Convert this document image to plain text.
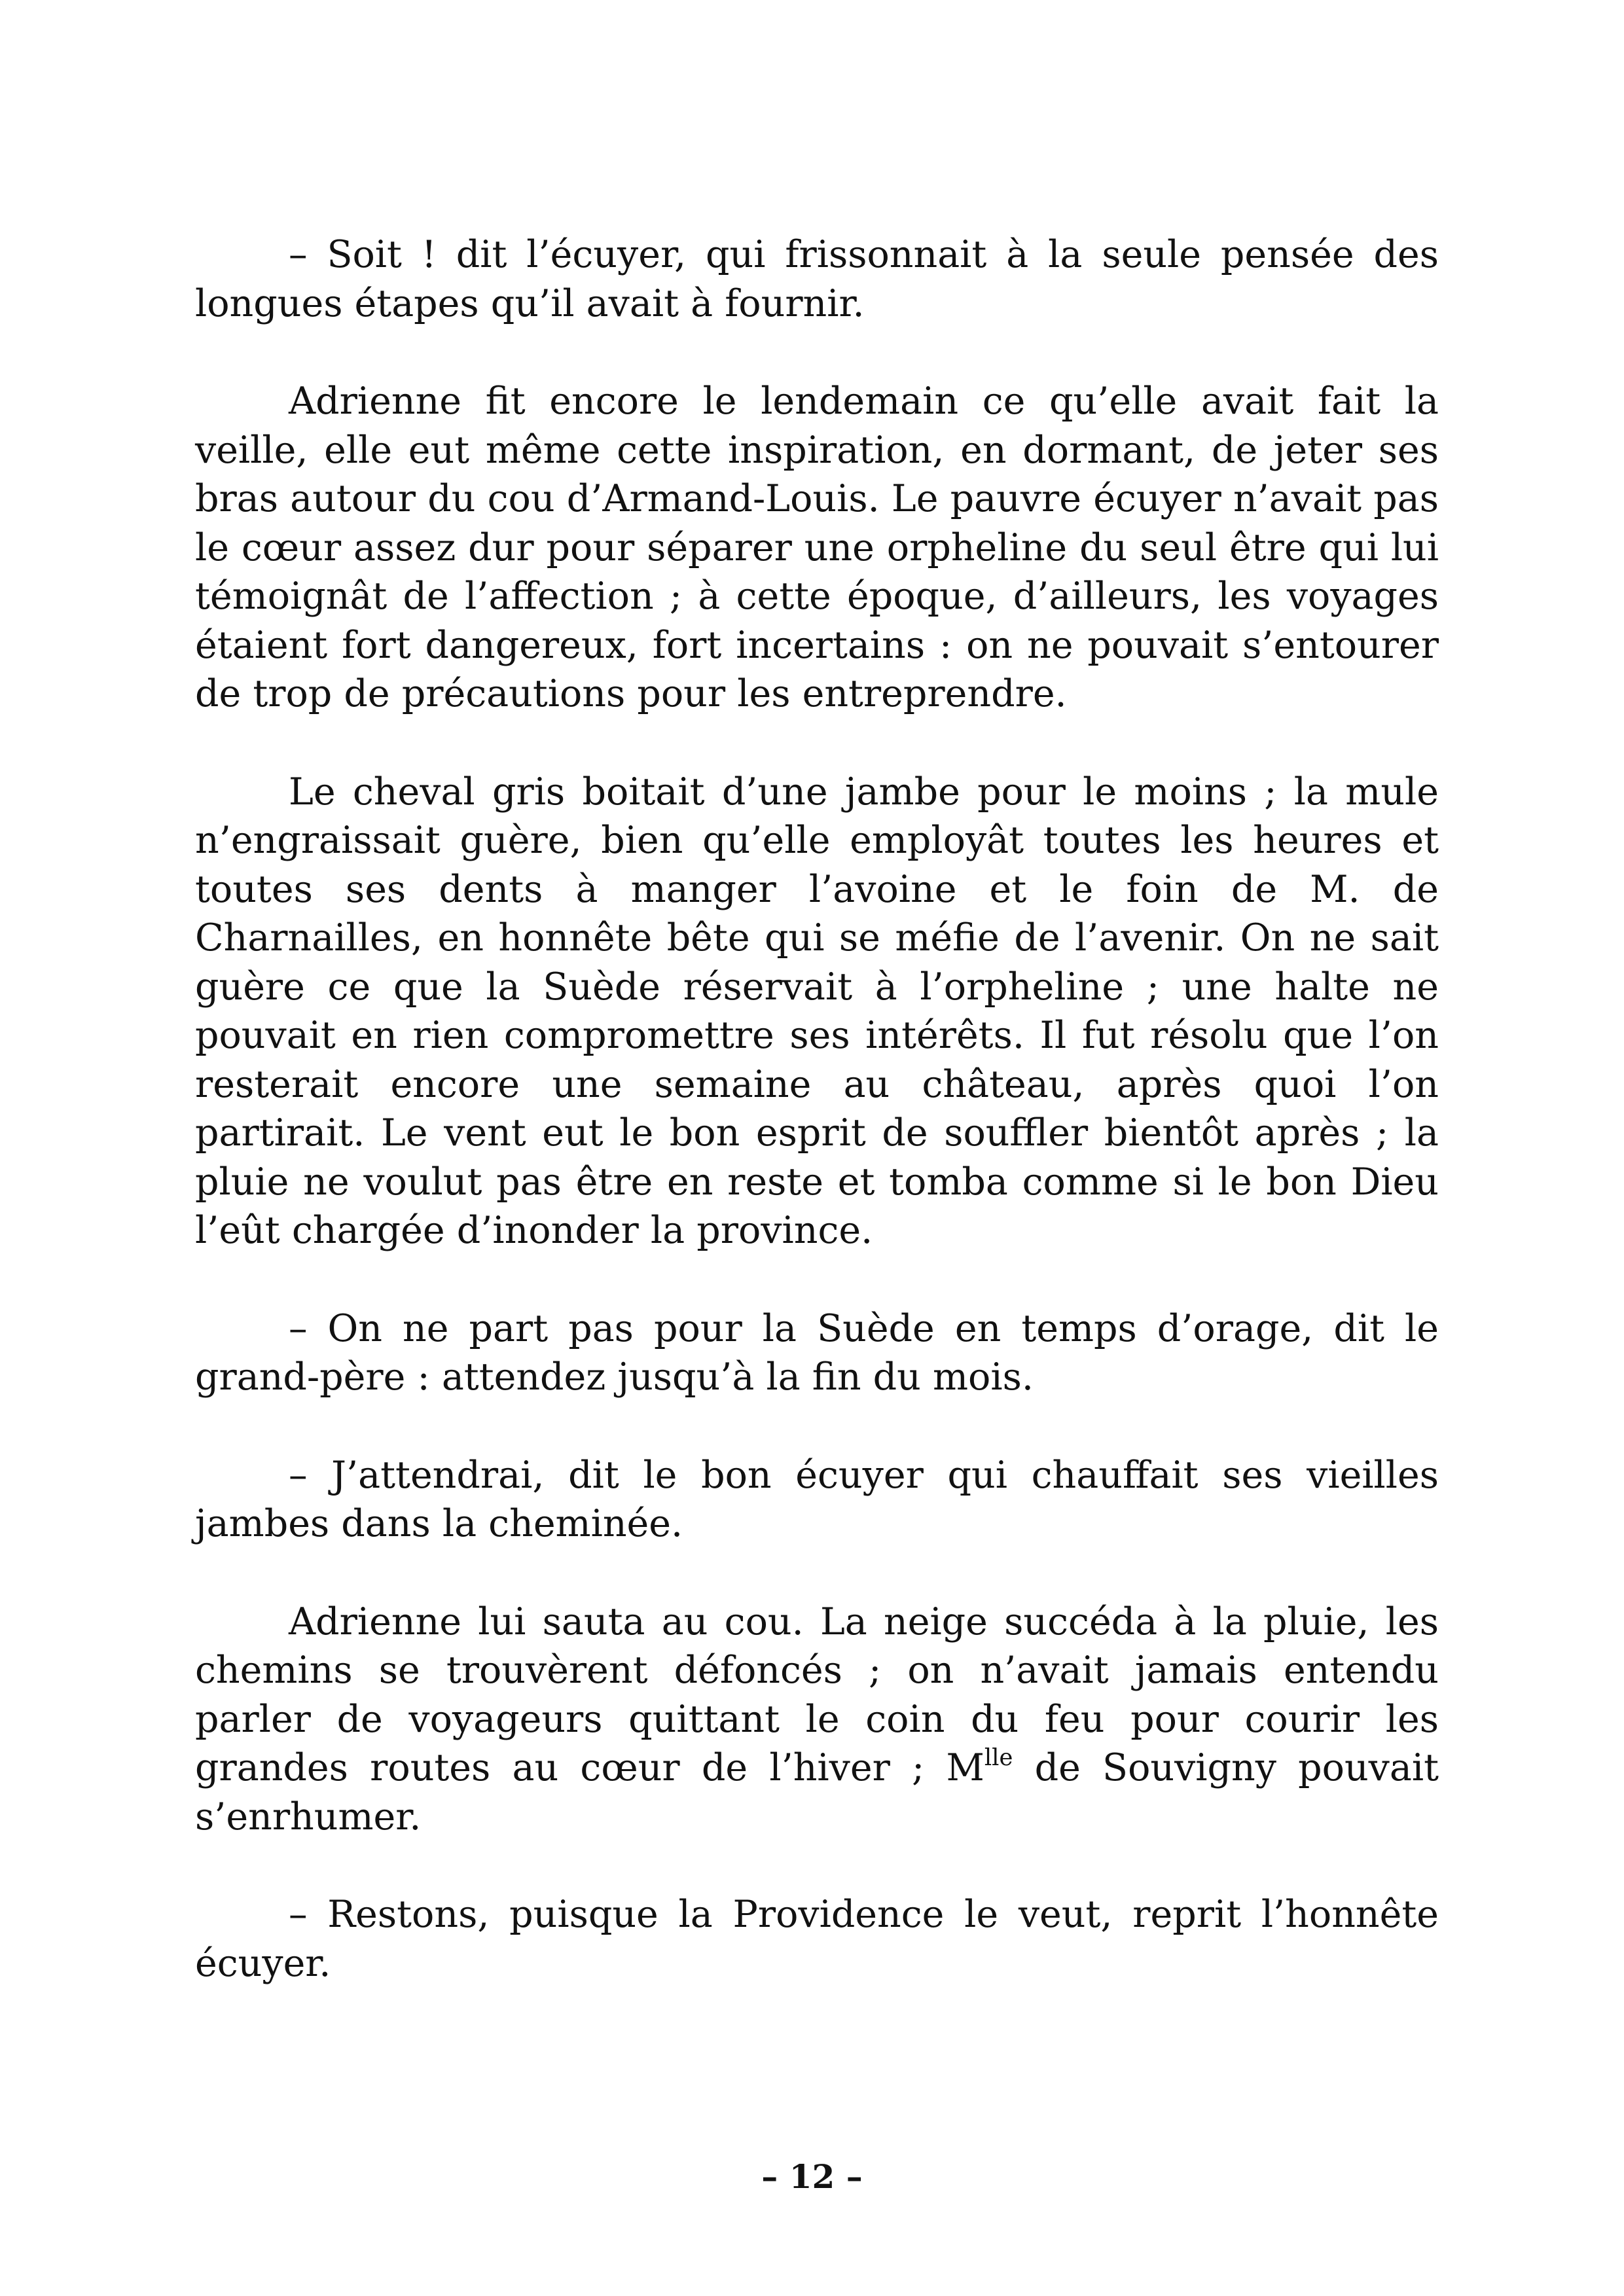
– Soit ! dit l’écuyer, qui frissonnait à la seule pensée des longues étapes qu’il avait à fournir.

Adrienne fit encore le lendemain ce qu’elle avait fait la veille, elle eut même cette inspiration, en dormant, de jeter ses bras autour du cou d’Armand-Louis. Le pauvre écuyer n’avait pas le cœur assez dur pour séparer une orpheline du seul être qui lui témoignât de l’affection ; à cette époque, d’ailleurs, les voyages étaient fort dangereux, fort incertains : on ne pouvait s’entourer de trop de précautions pour les entreprendre.

Le cheval gris boitait d’une jambe pour le moins ; la mule n’engraissait guère, bien qu’elle employât toutes les heures et toutes ses dents à manger l’avoine et le foin de M. de Charnailles, en honnête bête qui se méfie de l’avenir. On ne sait guère ce que la Suède réservait à l’orpheline ; une halte ne pouvait en rien compromettre ses intérêts. Il fut résolu que l’on resterait encore une semaine au château, après quoi l’on partirait. Le vent eut le bon esprit de souffler bientôt après ; la pluie ne voulut pas être en reste et tomba comme si le bon Dieu l’eût chargée d’inonder la province.

– On ne part pas pour la Suède en temps d’orage, dit le grand-père : attendez jusqu’à la fin du mois.

– J’attendrai, dit le bon écuyer qui chauffait ses vieilles jambes dans la cheminée.

Adrienne lui sauta au cou. La neige succéda à la pluie, les chemins se trouvèrent défoncés ; on n’avait jamais entendu parler de voyageurs quittant le coin du feu pour courir les grandes routes au cœur de l’hiver ; $M^{lle}$ de Souvigny pouvait s’enrhumer.

– Restons, puisque la Providence le veut, reprit l’honnête écuyer.

– 12 –
